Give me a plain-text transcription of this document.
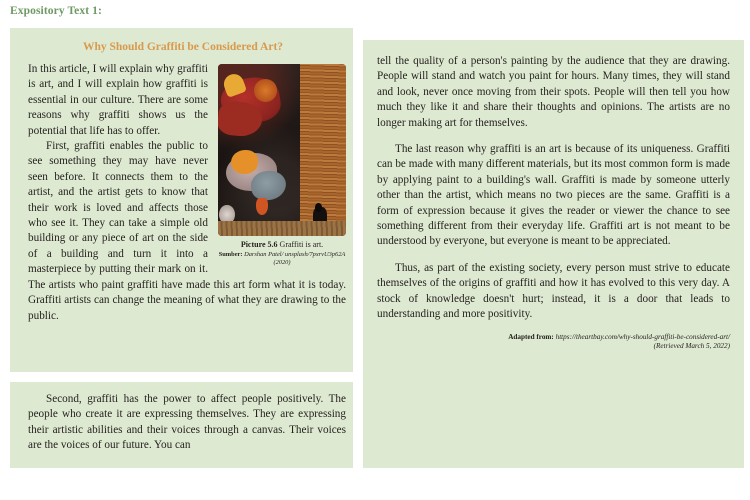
Expository Text 1:
Why Should Graffiti be Considered Art?
Picture 5.6 Graffiti is art.
Sumber: Darshan Patel/ unsplash/7pxrvU3p62A (2020)

In this article, I will explain why graffiti is art, and I will explain how graffiti is essential in our culture. There are some reasons why graffiti shows us the potential that life has to offer.

First, graffiti enables the public to see something they may have never seen before. It connects them to the artist, and the artist gets to know that their work is loved and affects those who see it. They can take a simple old building or any piece of art on the side of a building and turn it into a masterpiece by putting their mark on it. The artists who paint graffiti have made this art form what it is today. Graffiti artists can change the meaning of what they are drawing to the public.

Second, graffiti has the power to affect people positively. The people who create it are expressing themselves. They are expressing their artistic abilities and their voices through a canvas. Their voices are the voices of our future. You can

tell the quality of a person's painting by the audience that they are drawing. People will stand and watch you paint for hours. Many times, they will stand and look, never once moving from their spots. People will then tell you how much they like it and share their thoughts and opinions. The artists are no longer making art for themselves.

The last reason why graffiti is an art is because of its uniqueness. Graffiti can be made with many different materials, but its most common form is made by applying paint to a building's wall. Graffiti is made by someone utterly other than the artist, which means no two pieces are the same. Graffiti is a form of expression because it gives the reader or viewer the chance to see something different from their everyday life. Graffiti art is not meant to be understood by everyone, but everyone is meant to be appreciated.

Thus, as part of the existing society, every person must strive to educate themselves of the origins of graffiti and how it has evolved to this very day. A stock of knowledge doesn't hurt; instead, it is a door that leads to understanding and more positivity.

Adapted from: https://theartbay.com/why-should-graffiti-be-considered-art/
(Retrieved March 5, 2022)
